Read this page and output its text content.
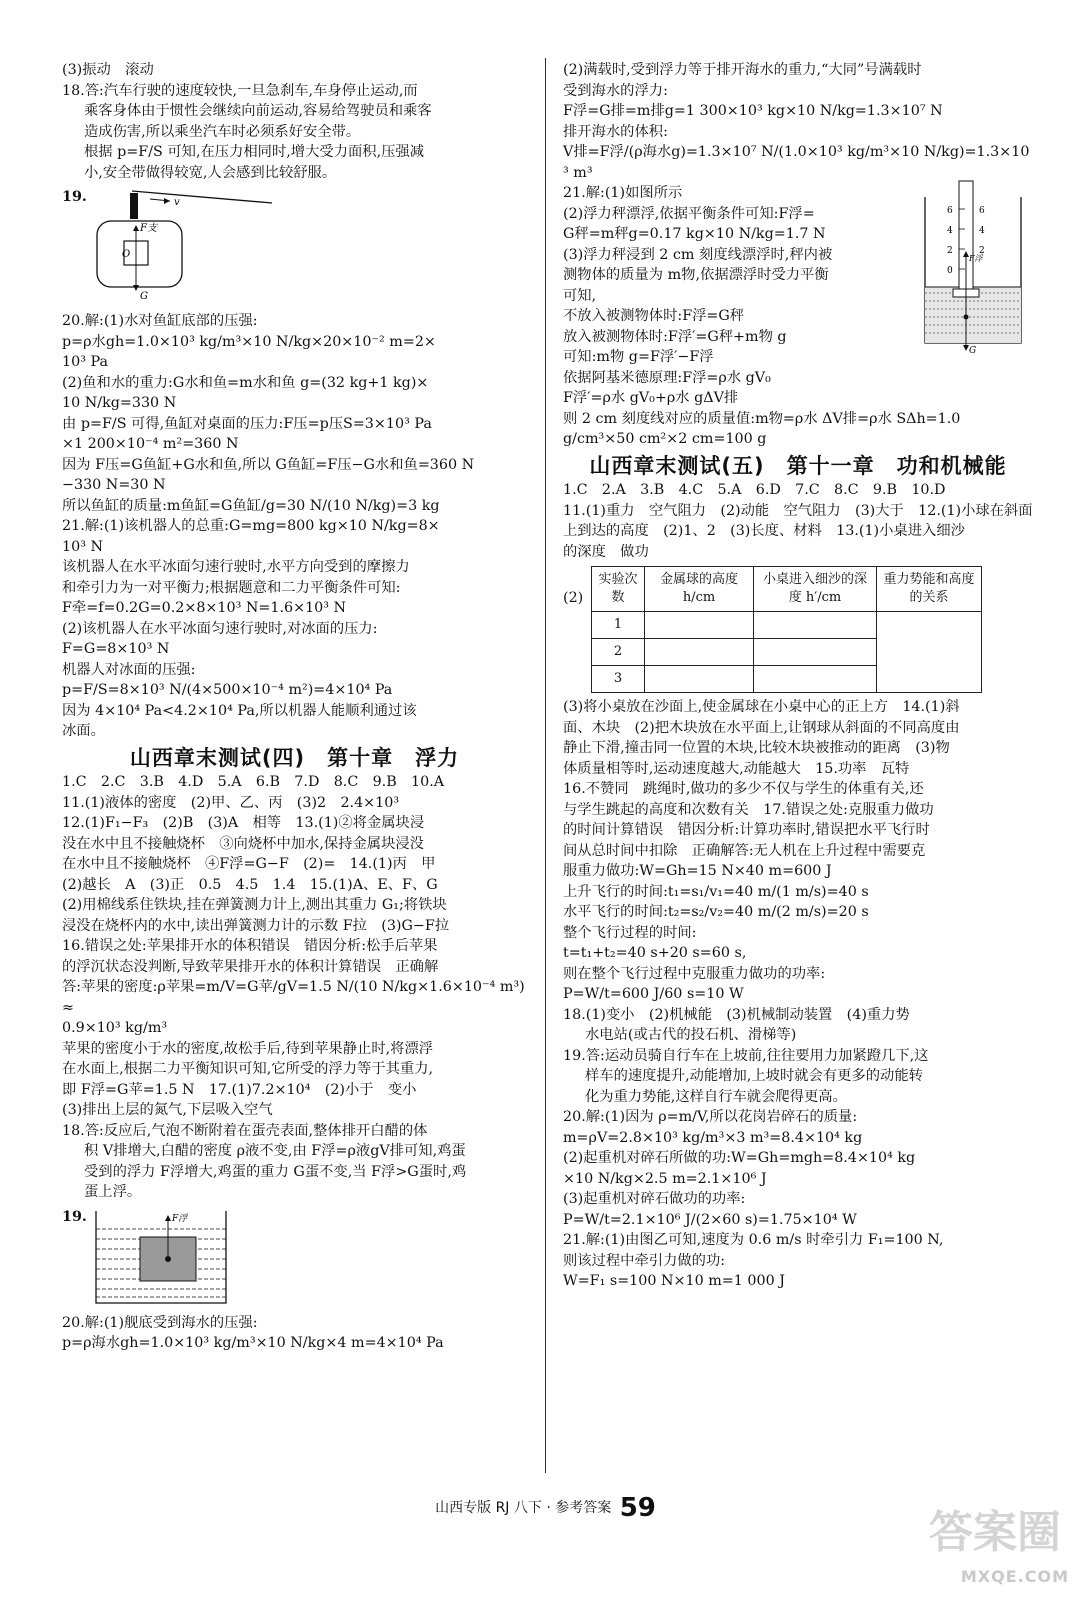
(3)振动　滚动
18.答:汽车行驶的速度较快,一旦急刹车,车身停止运动,而
乘客身体由于惯性会继续向前运动,容易给驾驶员和乘客
造成伤害,所以乘坐汽车时必须系好安全带。
根据 p=F/S 可知,在压力相同时,增大受力面积,压强减
小,安全带做得较宽,人会感到比较舒服。
19.	v
F支
O
G
20.解:(1)水对鱼缸底部的压强:
p=ρ水gh=1.0×10³ kg/m³×10 N/kg×20×10⁻² m=2×
10³ Pa
(2)鱼和水的重力:G水和鱼=m水和鱼 g=(32 kg+1 kg)×
10 N/kg=330 N
由 p=F/S 可得,鱼缸对桌面的压力:F压=p压S=3×10³ Pa
×1 200×10⁻⁴ m²=360 N
因为 F压=G鱼缸+G水和鱼,所以 G鱼缸=F压−G水和鱼=360 N
−330 N=30 N
所以鱼缸的质量:m鱼缸=G鱼缸/g=30 N/(10 N/kg)=3 kg
21.解:(1)该机器人的总重:G=mg=800 kg×10 N/kg=8×
10³ N
该机器人在水平冰面匀速行驶时,水平方向受到的摩擦力
和牵引力为一对平衡力;根据题意和二力平衡条件可知:
F牵=f=0.2G=0.2×8×10³ N=1.6×10³ N
(2)该机器人在水平冰面匀速行驶时,对冰面的压力:
F=G=8×10³ N
机器人对冰面的压强:
p=F/S=8×10³ N/(4×500×10⁻⁴ m²)=4×10⁴ Pa
因为 4×10⁴ Pa<4.2×10⁴ Pa,所以机器人能顺利通过该
冰面。
山西章末测试(四)　第十章　浮力
1.C　2.C　3.B　4.D　5.A　6.B　7.D　8.C　9.B　10.A
11.(1)液体的密度　(2)甲、乙、丙　(3)2　2.4×10³
12.(1)F₁−F₃　(2)B　(3)A　相等　13.(1)②将金属块浸
没在水中且不接触烧杯　③向烧杯中加水,保持金属块浸没
在水中且不接触烧杯　④F浮=G−F　(2)=　14.(1)丙　甲
(2)越长　A　(3)正　0.5　4.5　1.4　15.(1)A、E、F、G
(2)用棉线系住铁块,挂在弹簧测力计上,测出其重力 G₁;将铁块
浸没在烧杯内的水中,读出弹簧测力计的示数 F拉　(3)G−F拉
16.错误之处:苹果排开水的体积错误　错因分析:松手后苹果
的浮沉状态没判断,导致苹果排开水的体积计算错误　正确解
答:苹果的密度:ρ苹果=m/V=G苹/gV=1.5 N/(10 N/kg×1.6×10⁻⁴ m³)≈
0.9×10³ kg/m³
苹果的密度小于水的密度,故松手后,待到苹果静止时,将漂浮
在水面上,根据二力平衡知识可知,它所受的浮力等于其重力,
即 F浮=G苹=1.5 N　17.(1)7.2×10⁴　(2)小于　变小
(3)排出上层的氮气,下层吸入空气
18.答:反应后,气泡不断附着在蛋壳表面,整体排开白醋的体
积 V排增大,白醋的密度 ρ液不变,由 F浮=ρ液gV排可知,鸡蛋
受到的浮力 F浮增大,鸡蛋的重力 G蛋不变,当 F浮>G蛋时,鸡
蛋上浮。
19.	F浮
20.解:(1)舰底受到海水的压强:
p=ρ海水gh=1.0×10³ kg/m³×10 N/kg×4 m=4×10⁴ Pa
(2)满载时,受到浮力等于排开海水的重力,“大同”号满载时
受到海水的浮力:
F浮=G排=m排g=1 300×10³ kg×10 N/kg=1.3×10⁷ N
排开海水的体积:
V排=F浮/(ρ海水g)=1.3×10⁷ N/(1.0×10³ kg/m³×10 N/kg)=1.3×10³ m³
21.解:(1)如图所示
(2)浮力秤漂浮,依据平衡条件可知:F浮=
G秤=m秤g=0.17 kg×10 N/kg=1.7 N
(3)浮力秤浸到 2 cm 刻度线漂浮时,秤内被
测物体的质量为 m物,依据漂浮时受力平衡
可知,
不放入被测物体时:F浮=G秤
放入被测物体时:F浮′=G秤+m物 g
可知:m物 g=F浮′−F浮
依据阿基米德原理:F浮=ρ水 gV₀
F浮′=ρ水 gV₀+ρ水 gΔV排
6	6
4	4
2	2
0
F浮
G
则 2 cm 刻度线对应的质量值:m物=ρ水 ΔV排=ρ水 SΔh=1.0
g/cm³×50 cm²×2 cm=100 g
山西章末测试(五)　第十一章　功和机械能
1.C　2.A　3.B　4.C　5.A　6.D　7.C　8.C　9.B　10.D
11.(1)重力　空气阻力　(2)动能　空气阻力　(3)大于　12.(1)小球在斜面
上到达的高度　(2)1、2　(3)长度、材料　13.(1)小桌进入细沙
的深度　做功
(2)
实验次数	金属球的高度 h/cm	小桌进入细沙的深度 h′/cm	重力势能和高度的关系
1			
2			
3			
(3)将小桌放在沙面上,使金属球在小桌中心的正上方　14.(1)斜
面、木块　(2)把木块放在水平面上,让钢球从斜面的不同高度由
静止下滑,撞击同一位置的木块,比较木块被推动的距离　(3)物
体质量相等时,运动速度越大,动能越大　15.功率　瓦特
16.不赞同　跳绳时,做功的多少不仅与学生的体重有关,还
与学生跳起的高度和次数有关　17.错误之处:克服重力做功
的时间计算错误　错因分析:计算功率时,错误把水平飞行时
间从总时间中扣除　正确解答:无人机在上升过程中需要克
服重力做功:W=Gh=15 N×40 m=600 J
上升飞行的时间:t₁=s₁/v₁=40 m/(1 m/s)=40 s
水平飞行的时间:t₂=s₂/v₂=40 m/(2 m/s)=20 s
整个飞行过程的时间:
t=t₁+t₂=40 s+20 s=60 s,
则在整个飞行过程中克服重力做功的功率:
P=W/t=600 J/60 s=10 W
18.(1)变小　(2)机械能　(3)机械制动装置　(4)重力势
水电站(或古代的投石机、滑梯等)
19.答:运动员骑自行车在上坡前,往往要用力加紧蹬几下,这
样车的速度提升,动能增加,上坡时就会有更多的动能转
化为重力势能,这样自行车就会爬得更高。
20.解:(1)因为 ρ=m/V,所以花岗岩碎石的质量:
m=ρV=2.8×10³ kg/m³×3 m³=8.4×10⁴ kg
(2)起重机对碎石所做的功:W=Gh=mgh=8.4×10⁴ kg
×10 N/kg×2.5 m=2.1×10⁶ J
(3)起重机对碎石做功的功率:
P=W/t=2.1×10⁶ J/(2×60 s)=1.75×10⁴ W
21.解:(1)由图乙可知,速度为 0.6 m/s 时牵引力 F₁=100 N,
则该过程中牵引力做的功:
W=F₁ s=100 N×10 m=1 000 J
山西专版 RJ 八下 · 参考答案 59	答案圈
MXQE.COM
